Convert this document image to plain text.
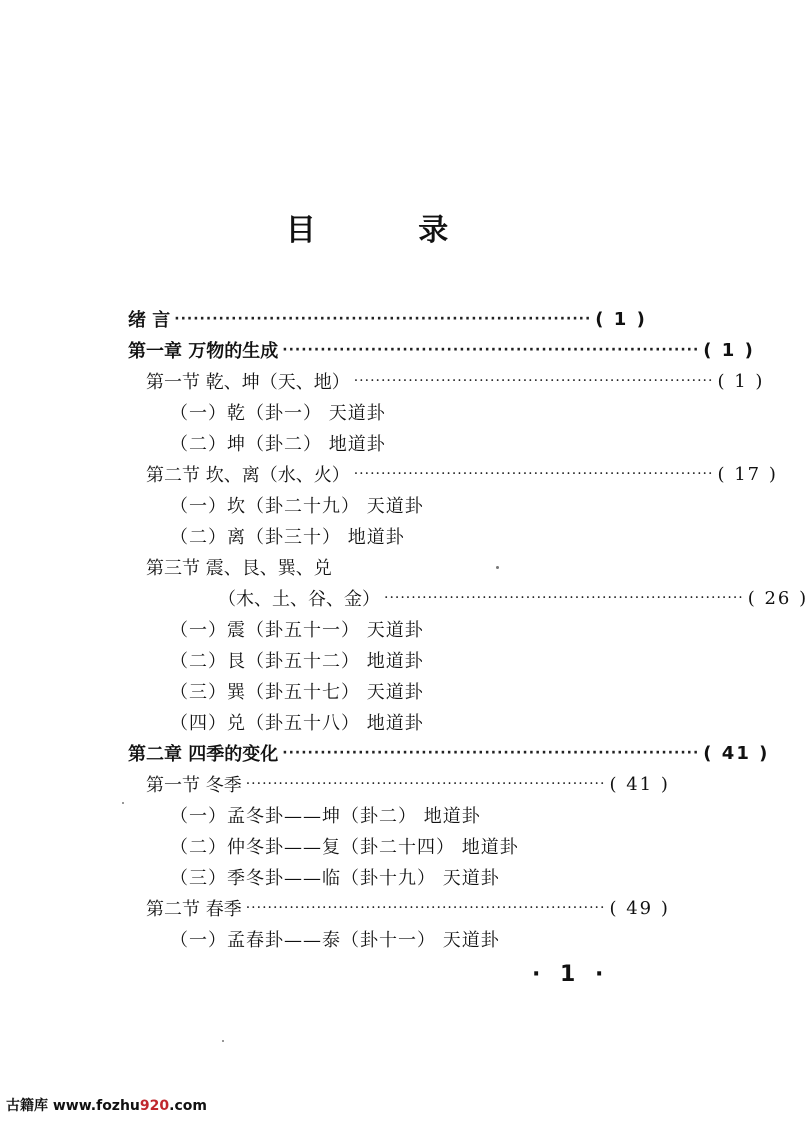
目 录
绪 言 ·································································· ( 1 )
第一章 万物的生成 ·································································· ( 1 )
第一节 乾、坤（天、地） ·································································· ( 1 )
（一）乾（卦一） 天道卦
（二）坤（卦二） 地道卦
第二节 坎、离（水、火） ·································································· ( 17 )
（一）坎（卦二十九） 天道卦
（二）离（卦三十） 地道卦
第三节 震、艮、巽、兑
（木、土、谷、金） ·································································· ( 26 )
（一）震（卦五十一） 天道卦
（二）艮（卦五十二） 地道卦
（三）巽（卦五十七） 天道卦
（四）兑（卦五十八） 地道卦
第二章 四季的变化 ·································································· ( 41 )
第一节 冬季 ·································································· ( 41 )
（一）孟冬卦——坤（卦二） 地道卦
（二）仲冬卦——复（卦二十四） 地道卦
（三）季冬卦——临（卦十九） 天道卦
第二节 春季 ·································································· ( 49 )
（一）孟春卦——泰（卦十一） 天道卦
· 1 ·
古籍库 www.fozhu920.com
